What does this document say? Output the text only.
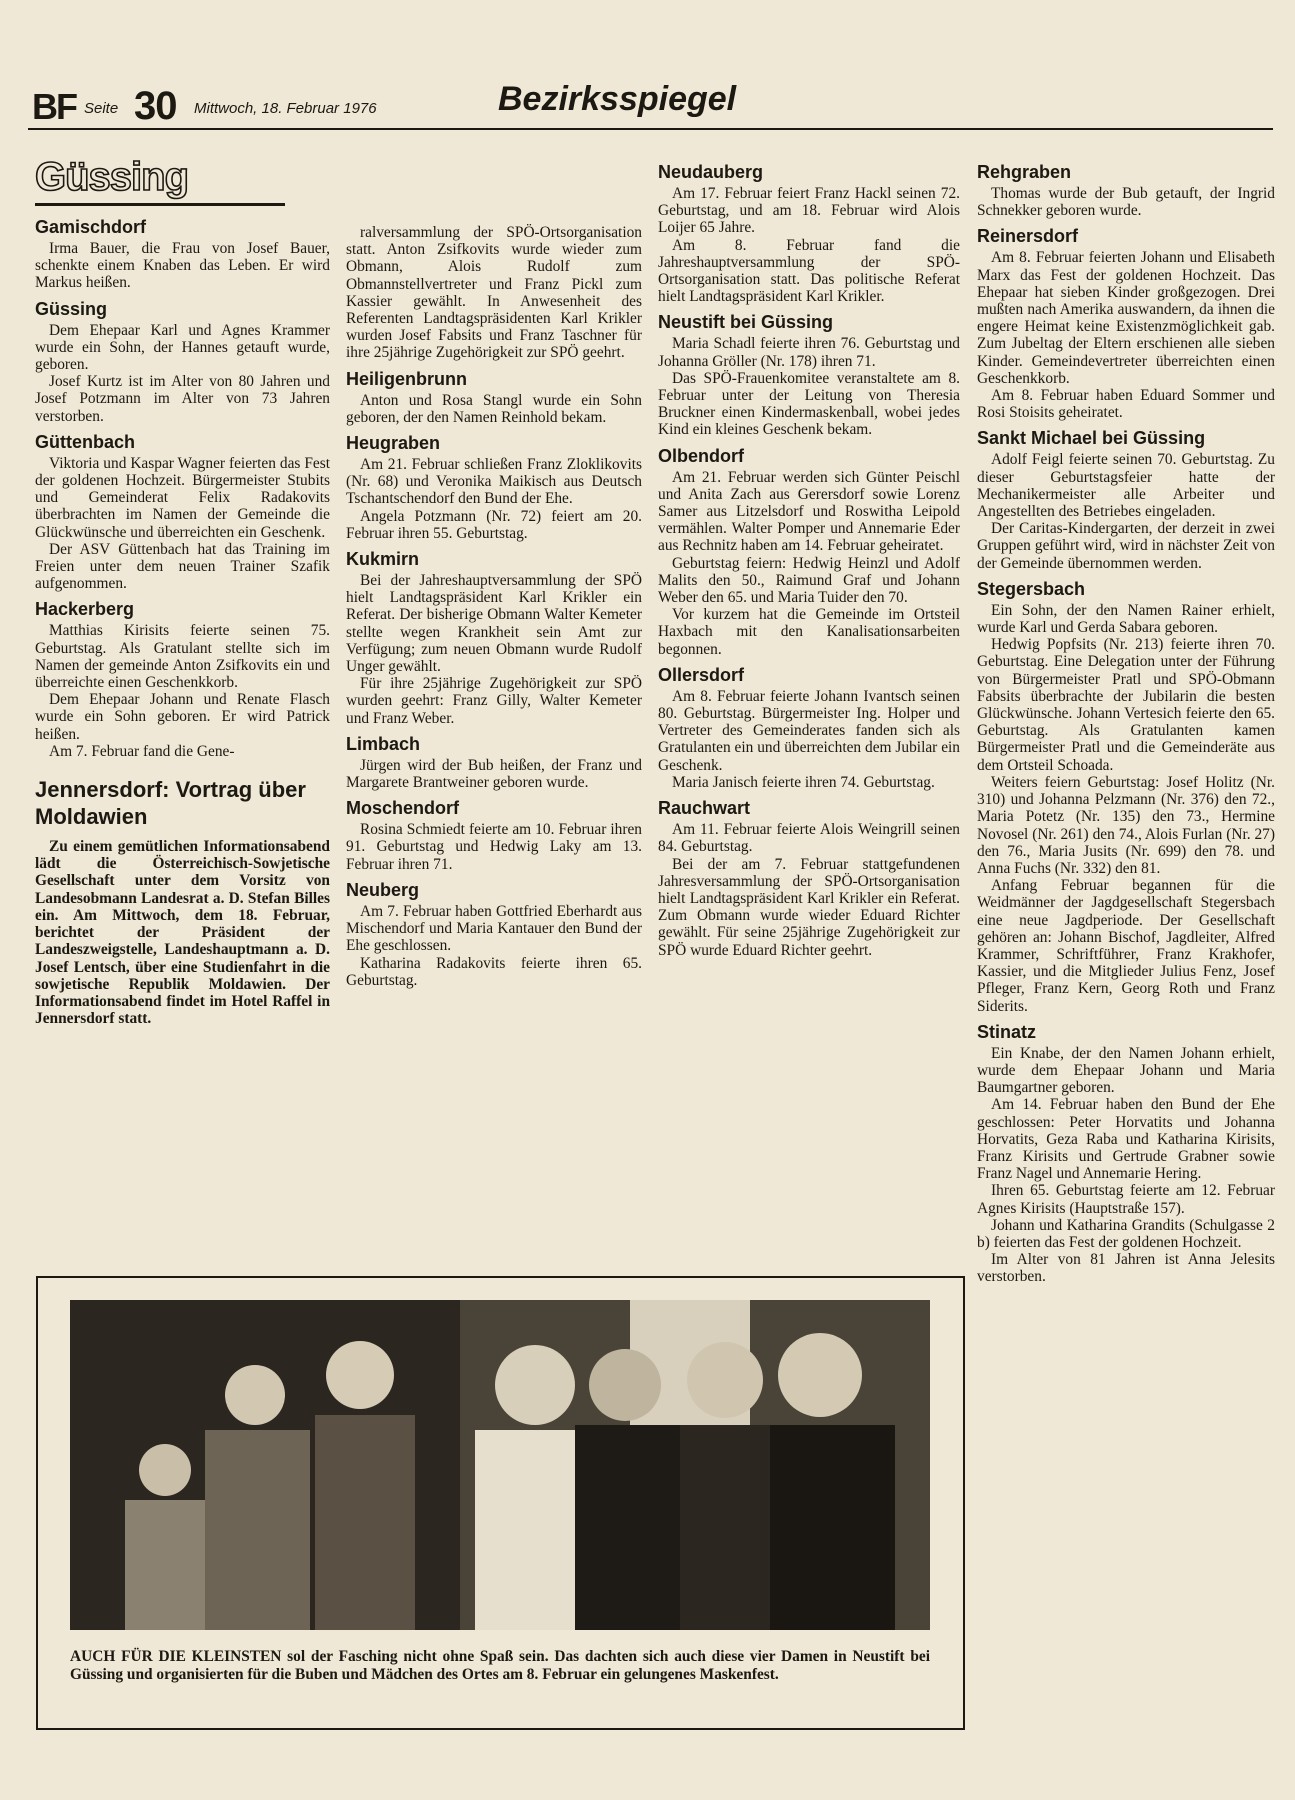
BF Seite 30 Mittwoch, 18. Februar 1976	Bezirksspiegel
Güssing
Gamischdorf

Irma Bauer, die Frau von Josef Bauer, schenkte einem Knaben das Leben. Er wird Markus heißen.

Güssing

Dem Ehepaar Karl und Agnes Krammer wurde ein Sohn, der Hannes getauft wurde, geboren.

Josef Kurtz ist im Alter von 80 Jahren und Josef Potzmann im Alter von 73 Jahren verstorben.

Güttenbach

Viktoria und Kaspar Wagner feierten das Fest der goldenen Hochzeit. Bürgermeister Stubits und Gemeinderat Felix Radakovits überbrachten im Namen der Gemeinde die Glückwünsche und überreichten ein Geschenk.

Der ASV Güttenbach hat das Training im Freien unter dem neuen Trainer Szafik aufgenommen.

Hackerberg

Matthias Kirisits feierte seinen 75. Geburtstag. Als Gratulant stellte sich im Namen der gemeinde Anton Zsifkovits ein und überreichte einen Geschenkkorb.

Dem Ehepaar Johann und Renate Flasch wurde ein Sohn geboren. Er wird Patrick heißen.

Am 7. Februar fand die Gene-

Jennersdorf: Vortrag über Moldawien

Zu einem gemütlichen Informationsabend lädt die Österreichisch-Sowjetische Gesellschaft unter dem Vorsitz von Landesobmann Landesrat a. D. Stefan Billes ein. Am Mittwoch, dem 18. Februar, berichtet der Präsident der Landeszweigstelle, Landeshauptmann a. D. Josef Lentsch, über eine Studienfahrt in die sowjetische Republik Moldawien. Der Informationsabend findet im Hotel Raffel in Jennersdorf statt.

ralversammlung der SPÖ-Ortsorganisation statt. Anton Zsifkovits wurde wieder zum Obmann, Alois Rudolf zum Obmannstellvertreter und Franz Pickl zum Kassier gewählt. In Anwesenheit des Referenten Landtagspräsidenten Karl Krikler wurden Josef Fabsits und Franz Taschner für ihre 25jährige Zugehörigkeit zur SPÖ geehrt.

Heiligenbrunn

Anton und Rosa Stangl wurde ein Sohn geboren, der den Namen Reinhold bekam.

Heugraben

Am 21. Februar schließen Franz Zloklikovits (Nr. 68) und Veronika Maikisch aus Deutsch Tschantschendorf den Bund der Ehe.

Angela Potzmann (Nr. 72) feiert am 20. Februar ihren 55. Geburtstag.

Kukmirn

Bei der Jahreshauptversammlung der SPÖ hielt Landtagspräsident Karl Krikler ein Referat. Der bisherige Obmann Walter Kemeter stellte wegen Krankheit sein Amt zur Verfügung; zum neuen Obmann wurde Rudolf Unger gewählt.

Für ihre 25jährige Zugehörigkeit zur SPÖ wurden geehrt: Franz Gilly, Walter Kemeter und Franz Weber.

Limbach

Jürgen wird der Bub heißen, der Franz und Margarete Brantweiner geboren wurde.

Moschendorf

Rosina Schmiedt feierte am 10. Februar ihren 91. Geburtstag und Hedwig Laky am 13. Februar ihren 71.

Neuberg

Am 7. Februar haben Gottfried Eberhardt aus Mischendorf und Maria Kantauer den Bund der Ehe geschlossen.

Katharina Radakovits feierte ihren 65. Geburtstag.

Neudauberg

Am 17. Februar feiert Franz Hackl seinen 72. Geburtstag, und am 18. Februar wird Alois Loijer 65 Jahre.

Am 8. Februar fand die Jahreshauptversammlung der SPÖ-Ortsorganisation statt. Das politische Referat hielt Landtagspräsident Karl Krikler.

Neustift bei Güssing

Maria Schadl feierte ihren 76. Geburtstag und Johanna Gröller (Nr. 178) ihren 71.

Das SPÖ-Frauenkomitee veranstaltete am 8. Februar unter der Leitung von Theresia Bruckner einen Kindermaskenball, wobei jedes Kind ein kleines Geschenk bekam.

Olbendorf

Am 21. Februar werden sich Günter Peischl und Anita Zach aus Gerersdorf sowie Lorenz Samer aus Litzelsdorf und Roswitha Leipold vermählen. Walter Pomper und Annemarie Eder aus Rechnitz haben am 14. Februar geheiratet.

Geburtstag feiern: Hedwig Heinzl und Adolf Malits den 50., Raimund Graf und Johann Weber den 65. und Maria Tuider den 70.

Vor kurzem hat die Gemeinde im Ortsteil Haxbach mit den Kanalisationsarbeiten begonnen.

Ollersdorf

Am 8. Februar feierte Johann Ivantsch seinen 80. Geburtstag. Bürgermeister Ing. Holper und Vertreter des Gemeinderates fanden sich als Gratulanten ein und überreichten dem Jubilar ein Geschenk.

Maria Janisch feierte ihren 74. Geburtstag.

Rauchwart

Am 11. Februar feierte Alois Weingrill seinen 84. Geburtstag.

Bei der am 7. Februar stattgefundenen Jahresversammlung der SPÖ-Ortsorganisation hielt Landtagspräsident Karl Krikler ein Referat. Zum Obmann wurde wieder Eduard Richter gewählt. Für seine 25jährige Zugehörigkeit zur SPÖ wurde Eduard Richter geehrt.

Rehgraben

Thomas wurde der Bub getauft, der Ingrid Schnekker geboren wurde.

Reinersdorf

Am 8. Februar feierten Johann und Elisabeth Marx das Fest der goldenen Hochzeit. Das Ehepaar hat sieben Kinder großgezogen. Drei mußten nach Amerika auswandern, da ihnen die engere Heimat keine Existenzmöglichkeit gab. Zum Jubeltag der Eltern erschienen alle sieben Kinder. Gemeindevertreter überreichten einen Geschenkkorb.

Am 8. Februar haben Eduard Sommer und Rosi Stoisits geheiratet.

Sankt Michael bei Güssing

Adolf Feigl feierte seinen 70. Geburtstag. Zu dieser Geburtstagsfeier hatte der Mechanikermeister alle Arbeiter und Angestellten des Betriebes eingeladen.

Der Caritas-Kindergarten, der derzeit in zwei Gruppen geführt wird, wird in nächster Zeit von der Gemeinde übernommen werden.

Stegersbach

Ein Sohn, der den Namen Rainer erhielt, wurde Karl und Gerda Sabara geboren.

Hedwig Popfsits (Nr. 213) feierte ihren 70. Geburtstag. Eine Delegation unter der Führung von Bürgermeister Pratl und SPÖ-Obmann Fabsits überbrachte der Jubilarin die besten Glückwünsche. Johann Vertesich feierte den 65. Geburtstag. Als Gratulanten kamen Bürgermeister Pratl und die Gemeinderäte aus dem Ortsteil Schoada.

Weiters feiern Geburtstag: Josef Holitz (Nr. 310) und Johanna Pelzmann (Nr. 376) den 72., Maria Potetz (Nr. 135) den 73., Hermine Novosel (Nr. 261) den 74., Alois Furlan (Nr. 27) den 76., Maria Jusits (Nr. 699) den 78. und Anna Fuchs (Nr. 332) den 81.

Anfang Februar begannen für die Weidmänner der Jagdgesellschaft Stegersbach eine neue Jagdperiode. Der Gesellschaft gehören an: Johann Bischof, Jagdleiter, Alfred Krammer, Schriftführer, Franz Krakhofer, Kassier, und die Mitglieder Julius Fenz, Josef Pfleger, Franz Kern, Georg Roth und Franz Siderits.

Stinatz

Ein Knabe, der den Namen Johann erhielt, wurde dem Ehepaar Johann und Maria Baumgartner geboren.

Am 14. Februar haben den Bund der Ehe geschlossen: Peter Horvatits und Johanna Horvatits, Geza Raba und Katharina Kirisits, Franz Kirisits und Gertrude Grabner sowie Franz Nagel und Annemarie Hering.

Ihren 65. Geburtstag feierte am 12. Februar Agnes Kirisits (Hauptstraße 157).

Johann und Katharina Grandits (Schulgasse 2 b) feierten das Fest der goldenen Hochzeit.

Im Alter von 81 Jahren ist Anna Jelesits verstorben.

AUCH FÜR DIE KLEINSTEN sol der Fasching nicht ohne Spaß sein. Das dachten sich auch diese vier Damen in Neustift bei Güssing und organisierten für die Buben und Mädchen des Ortes am 8. Februar ein gelungenes Maskenfest.
